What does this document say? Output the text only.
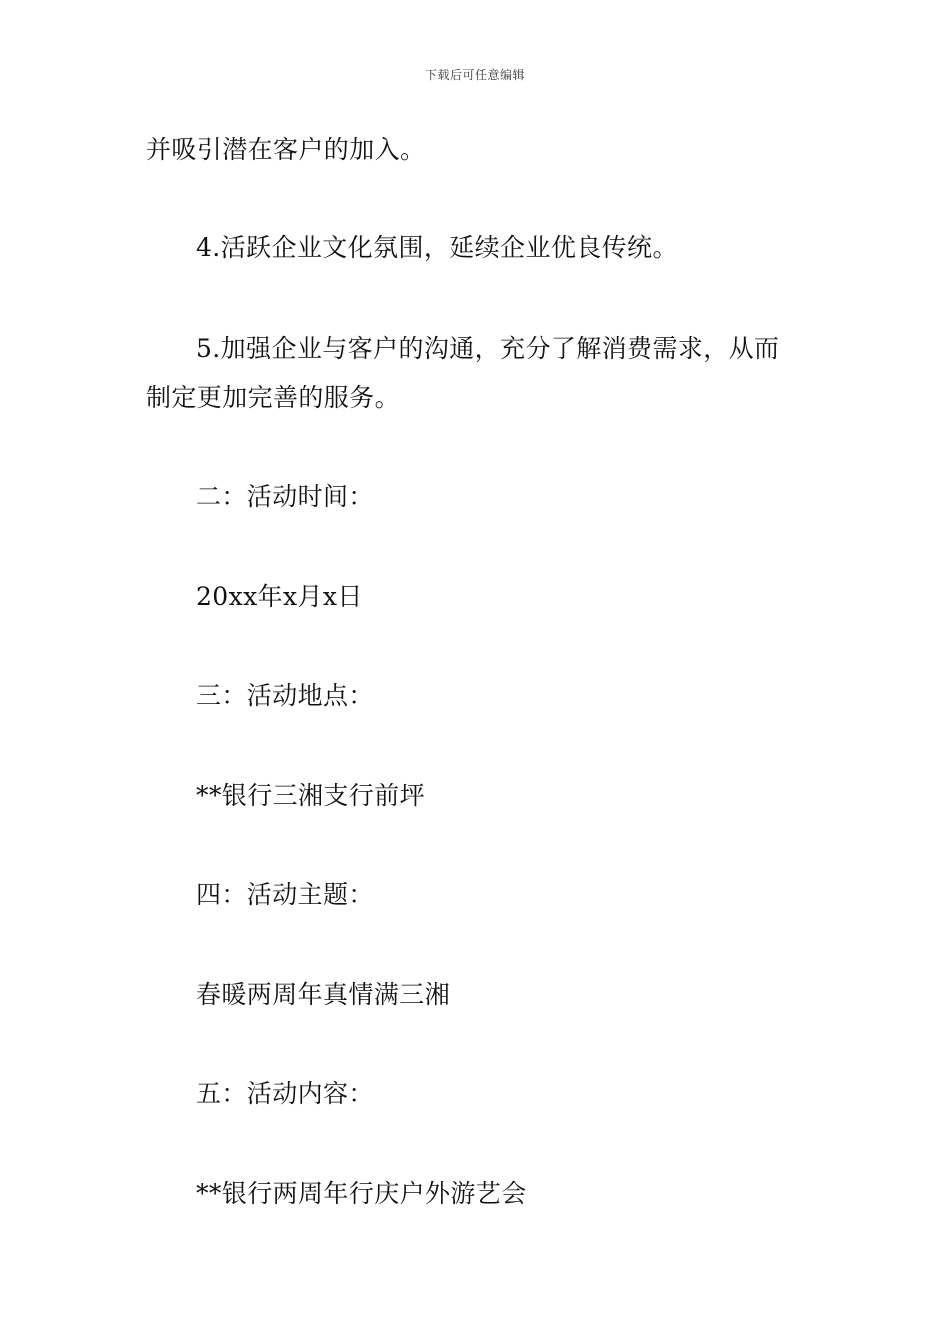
下载后可任意编辑
并吸引潜在客户的加入。
4.活跃企业文化氛围，延续企业优良传统。
5.加强企业与客户的沟通，充分了解消费需求，从而
制定更加完善的服务。
二：活动时间：
20xx年x月x日
三：活动地点：
**银行三湘支行前坪
四：活动主题：
春暖两周年真情满三湘
五：活动内容：
**银行两周年行庆户外游艺会
